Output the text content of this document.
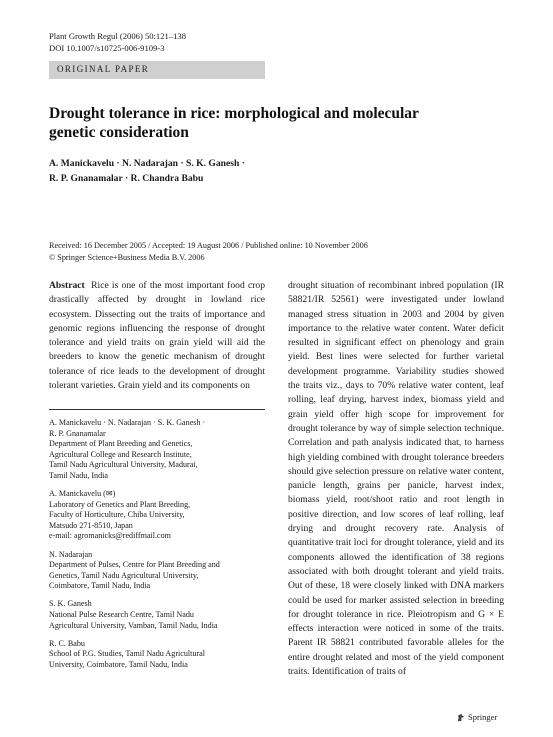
Plant Growth Regul (2006) 50:121–138
DOI 10.1007/s10725-006-9109-3
ORIGINAL PAPER
Drought tolerance in rice: morphological and molecular
genetic consideration
A. Manickavelu · N. Nadarajan · S. K. Ganesh ·
R. P. Gnanamalar · R. Chandra Babu
Received: 16 December 2005 / Accepted: 19 August 2006 / Published online: 10 November 2006
© Springer Science+Business Media B.V. 2006
Abstract Rice is one of the most important food crop drastically affected by drought in lowland rice ecosystem. Dissecting out the traits of importance and genomic regions influencing the response of drought tolerance and yield traits on grain yield will aid the breeders to know the genetic mechanism of drought tolerance of rice leads to the development of drought tolerant varieties. Grain yield and its components on
A. Manickavelu · N. Nadarajan · S. K. Ganesh ·
R. P. Gnanamalar
Department of Plant Breeding and Genetics,
Agricultural College and Research Institute,
Tamil Nadu Agricultural University, Madurai,
Tamil Nadu, India
A. Manickavelu (✉)
Laboratory of Genetics and Plant Breeding,
Faculty of Horticulture, Chiba University,
Matsudo 271-8510, Japan
e-mail: agromanicks@rediffmail.com
N. Nadarajan
Department of Pulses, Centre for Plant Breeding and
Genetics, Tamil Nadu Agricultural University,
Coimbatore, Tamil Nadu, India
S. K. Ganesh
National Pulse Research Centre, Tamil Nadu
Agricultural University, Vamban, Tamil Nadu, India
R. C. Babu
School of P.G. Studies, Tamil Nadu Agricultural
University, Coimbatore, Tamil Nadu, India
drought situation of recombinant inbred population (IR 58821/IR 52561) were investigated under lowland managed stress situation in 2003 and 2004 by given importance to the relative water content. Water deficit resulted in significant effect on phenology and grain yield. Best lines were selected for further varietal development programme. Variability studies showed the traits viz., days to 70% relative water content, leaf rolling, leaf drying, harvest index, biomass yield and grain yield offer high scope for improvement for drought tolerance by way of simple selection technique. Correlation and path analysis indicated that, to harness high yielding combined with drought tolerance breeders should give selection pressure on relative water content, panicle length, grains per panicle, harvest index, biomass yield, root/shoot ratio and root length in positive direction, and low scores of leaf rolling, leaf drying and drought recovery rate. Analysis of quantitative trait loci for drought tolerance, yield and its components allowed the identification of 38 regions associated with both drought tolerant and yield traits. Out of these, 18 were closely linked with DNA markers could be used for marker assisted selection in breeding for drought tolerance in rice. Pleiotropism and G × E effects interaction were noticed in some of the traits. Parent IR 58821 contributed favorable alleles for the entire drought related and most of the yield component traits. Identification of traits of
Springer
